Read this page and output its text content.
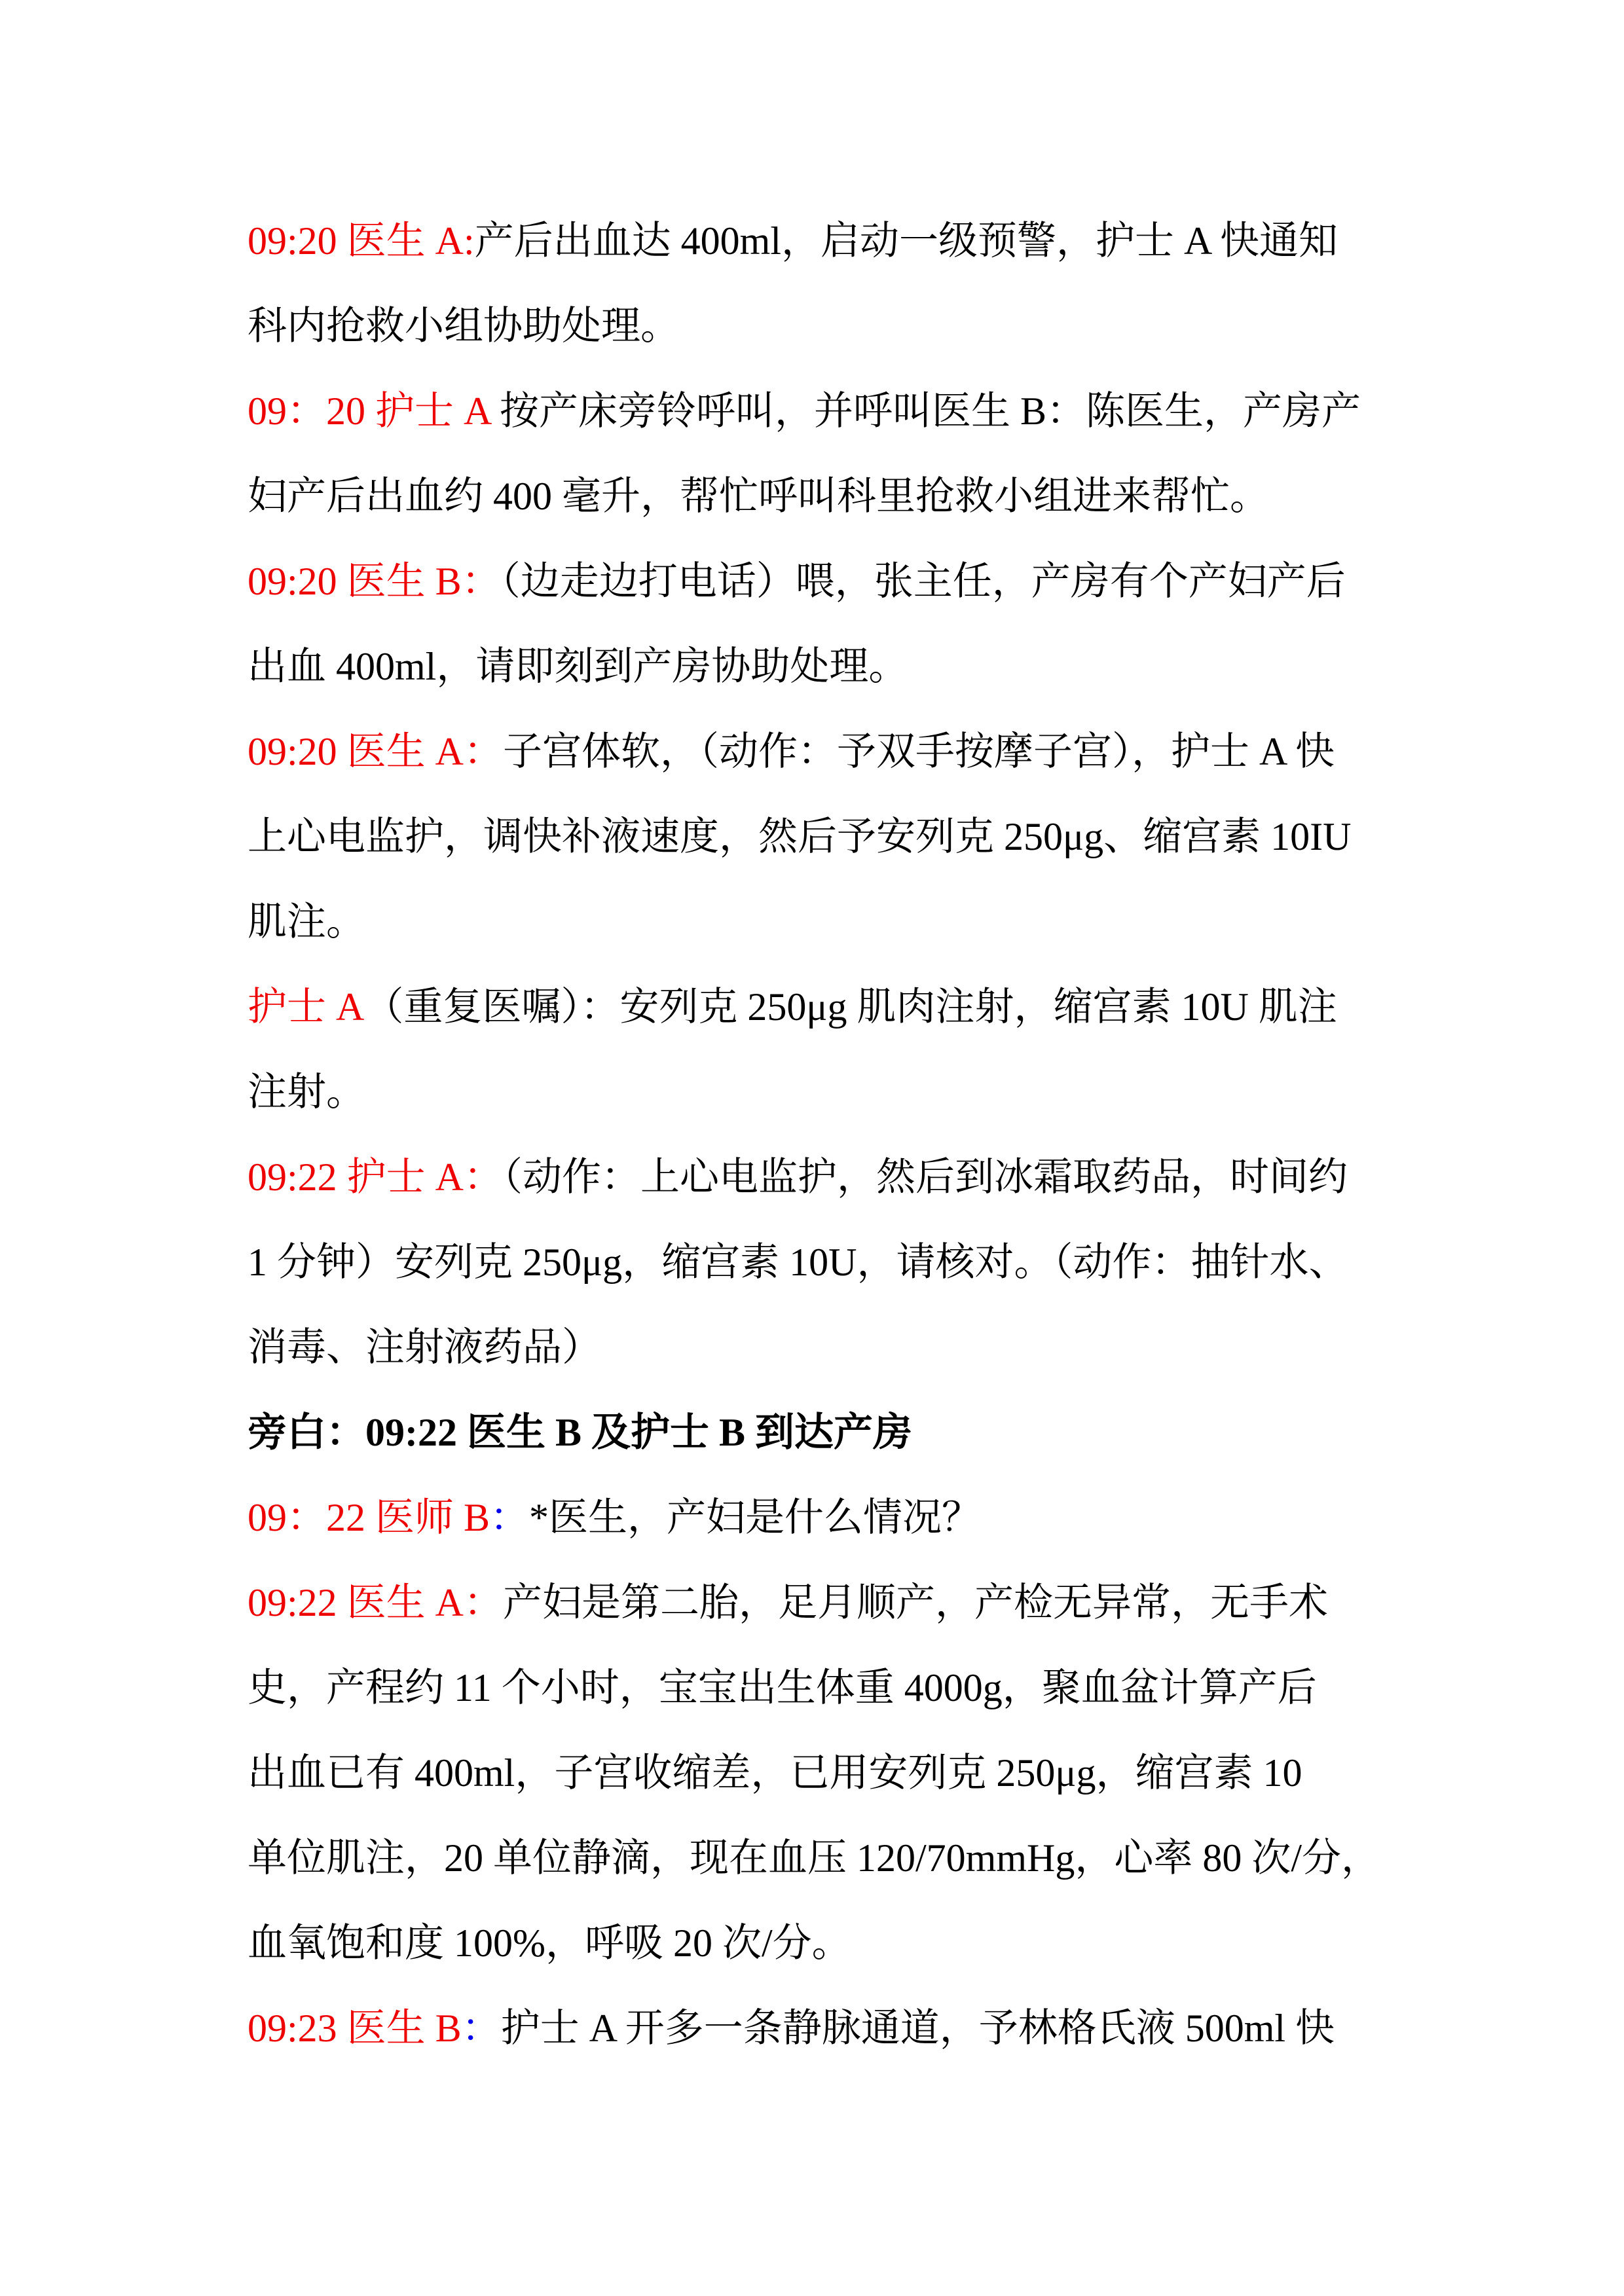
09:20 医生 A:产后出血达 400ml，启动一级预警，护士 A 快通知
科内抢救小组协助处理。
09：20 护士 A 按产床旁铃呼叫，并呼叫医生 B：陈医生，产房产
妇产后出血约 400 毫升，帮忙呼叫科里抢救小组进来帮忙。
09:20 医生 B：（边走边打电话）喂，张主任，产房有个产妇产后
出血 400ml，请即刻到产房协助处理。
09:20 医生 A：子宫体软，（动作：予双手按摩子宫），护士 A 快
上心电监护，调快补液速度，然后予安列克 250μg、缩宫素 10IU
肌注。
护士 A（重复医嘱）：安列克 250μg 肌肉注射，缩宫素 10U 肌注
注射。
09:22 护士 A：（动作：上心电监护，然后到冰霜取药品，时间约
1 分钟）安列克 250μg，缩宫素 10U，请核对。（动作：抽针水、
消毒、注射液药品）
旁白：09:22 医生 B 及护士 B 到达产房
09：22 医师 B：*医生，产妇是什么情况？
09:22 医生 A：产妇是第二胎，足月顺产，产检无异常，无手术
史，产程约 11 个小时，宝宝出生体重 4000g，聚血盆计算产后
出血已有 400ml，子宫收缩差，已用安列克 250μg，缩宫素 10
单位肌注，20 单位静滴，现在血压 120/70mmHg，心率 80 次/分，
血氧饱和度 100%，呼吸 20 次/分。
09:23 医生 B：护士 A 开多一条静脉通道，予林格氏液 500ml 快
